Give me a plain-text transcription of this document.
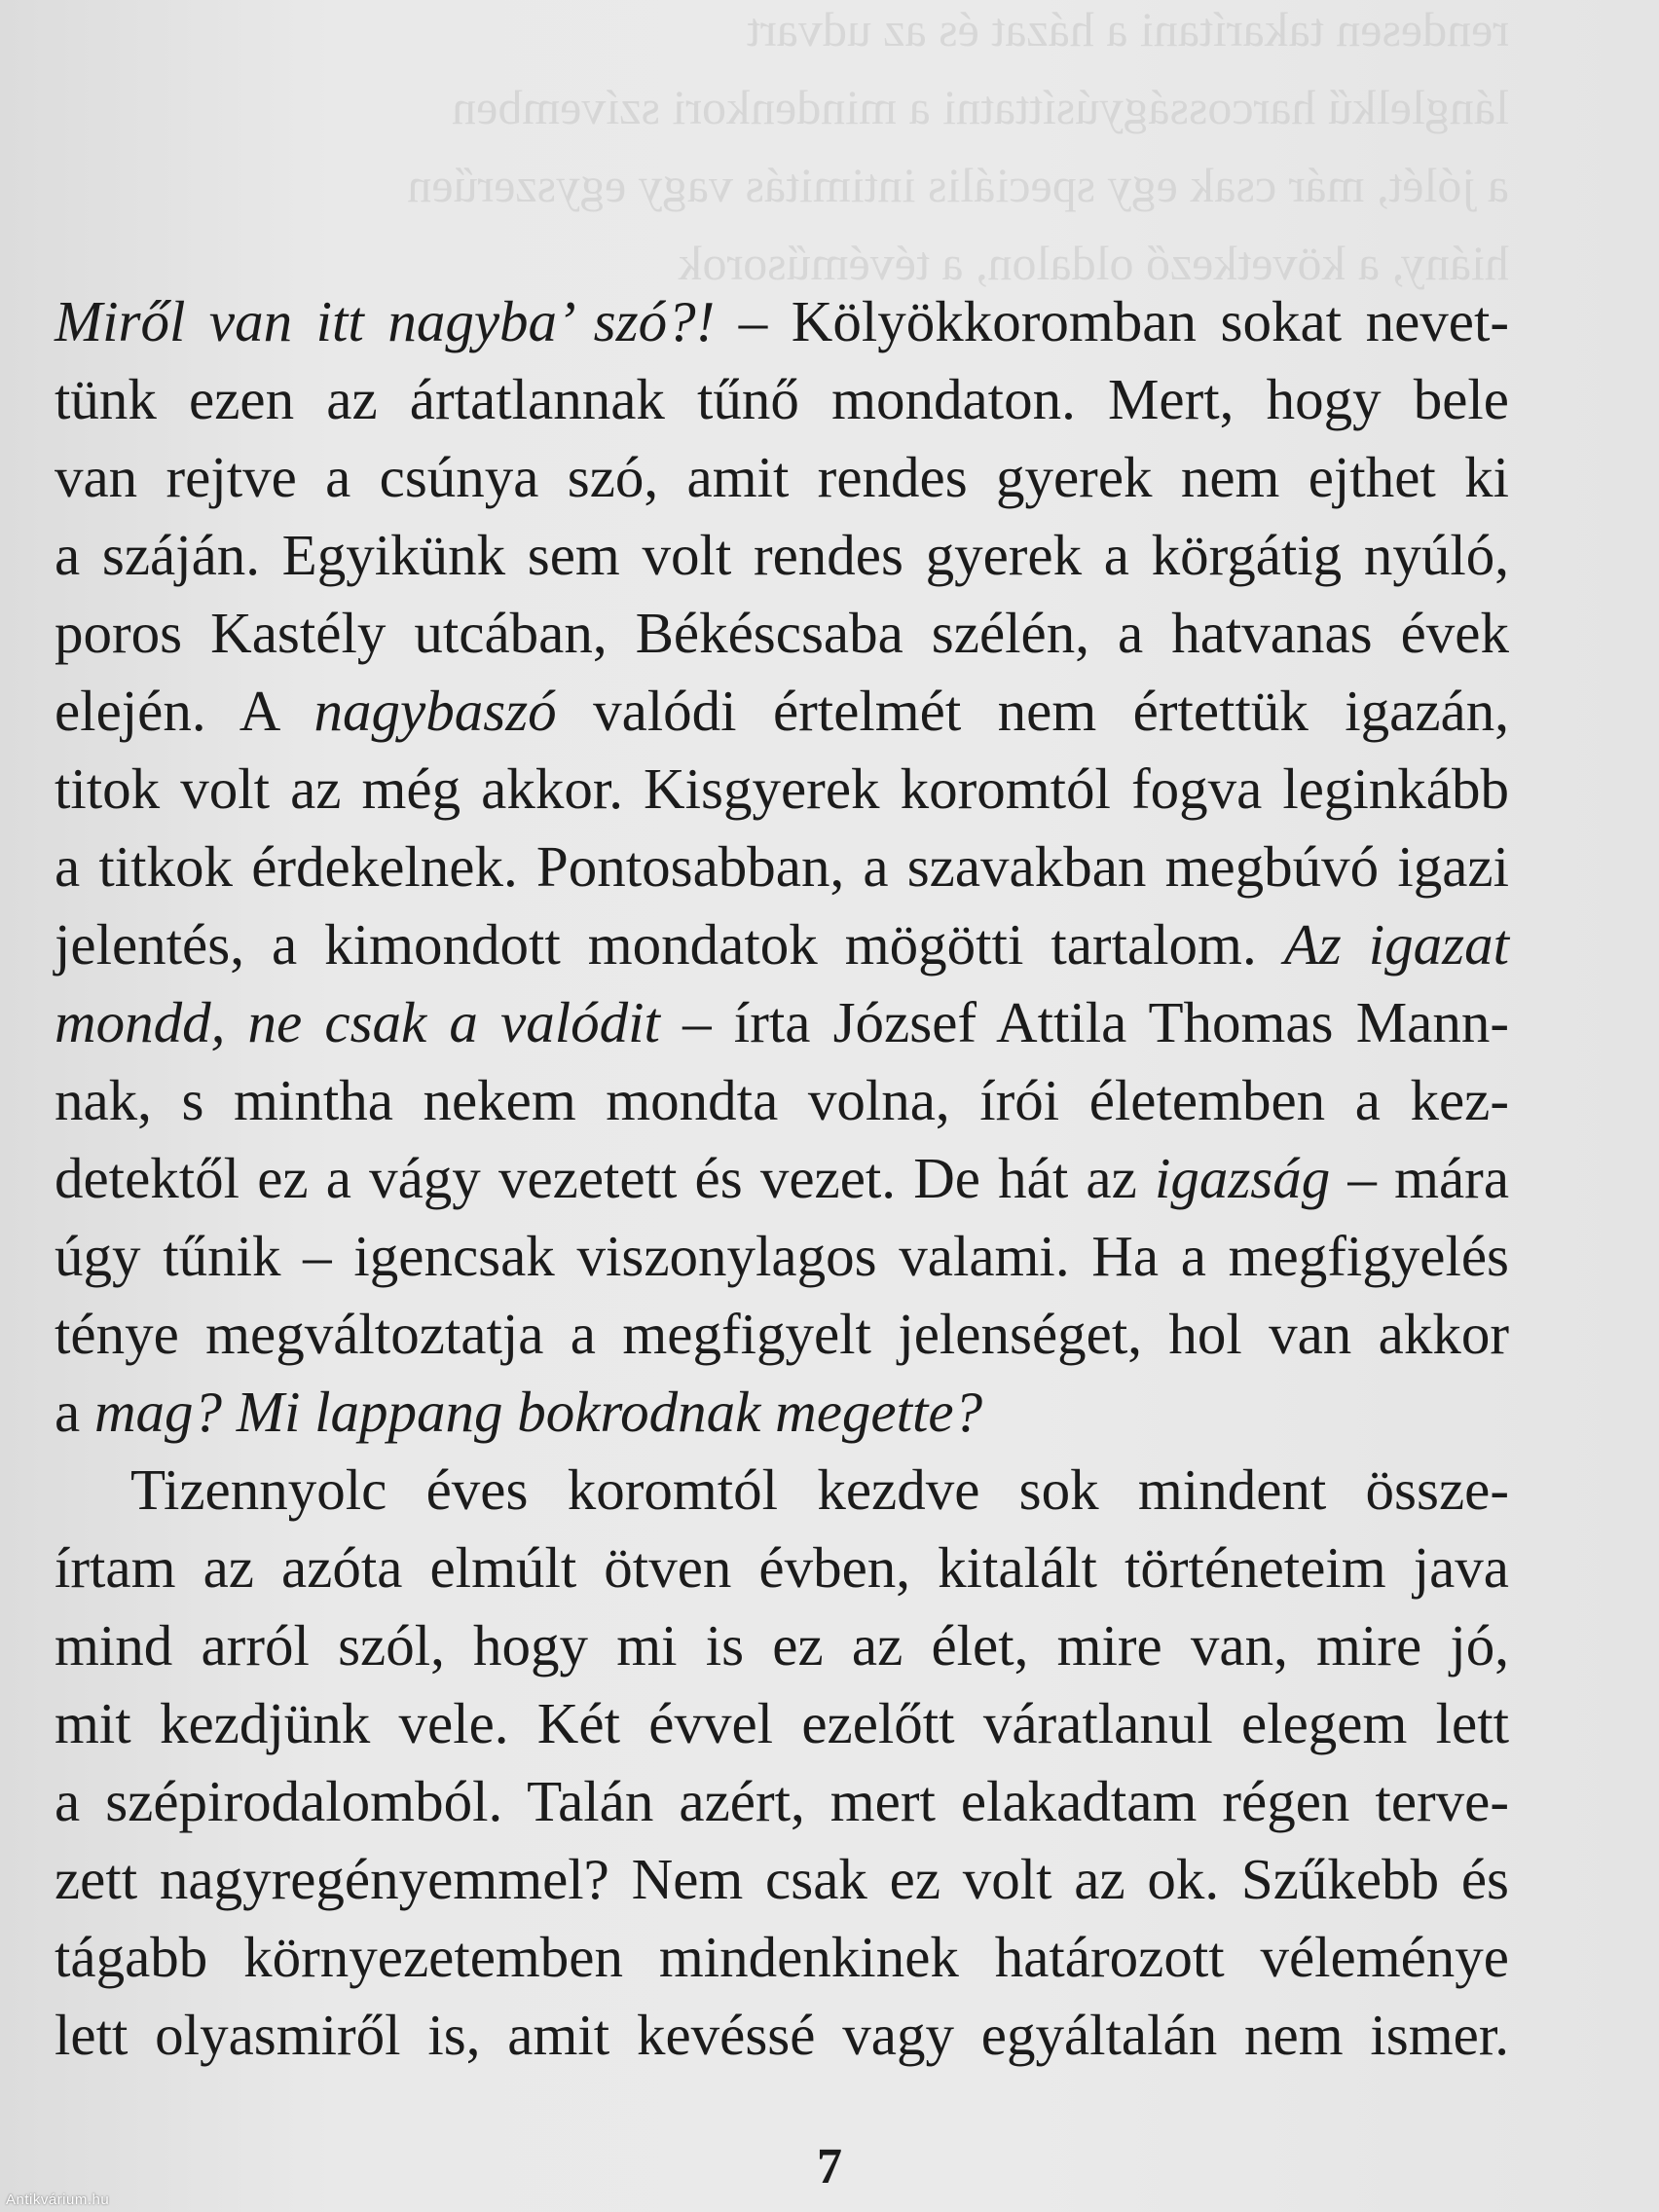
rendesen takarítani a házat és az udvart
lánglelkű harcosságyúsíttatni a mindenkori szívemben
a jólét, már csak egy speciális intimitás vagy egyszerűen
hiány, a következő oldalon, a tévéműsorok

Miről van itt nagyba’ szó?! – Kölyökkoromban sokat nevet-
tünk ezen az ártatlannak tűnő mondaton. Mert, hogy bele
van rejtve a csúnya szó, amit rendes gyerek nem ejthet ki
a száján. Egyikünk sem volt rendes gyerek a körgátig nyúló,
poros Kastély utcában, Békéscsaba szélén, a hatvanas évek
elején. A nagybaszó valódi értelmét nem értettük igazán,
titok volt az még akkor. Kisgyerek koromtól fogva leginkább
a titkok érdekelnek. Pontosabban, a szavakban megbúvó igazi
jelentés, a kimondott mondatok mögötti tartalom. Az igazat
mondd, ne csak a valódit – írta József Attila Thomas Mann-
nak, s mintha nekem mondta volna, írói életemben a kez-
detektől ez a vágy vezetett és vezet. De hát az igazság – mára
úgy tűnik – igencsak viszonylagos valami. Ha a megfigyelés
ténye megváltoztatja a megfigyelt jelenséget, hol van akkor
a mag? Mi lappang bokrodnak megette?

Tizennyolc éves koromtól kezdve sok mindent össze-
írtam az azóta elmúlt ötven évben, kitalált történeteim java
mind arról szól, hogy mi is ez az élet, mire van, mire jó,
mit kezdjünk vele. Két évvel ezelőtt váratlanul elegem lett
a szépirodalomból. Talán azért, mert elakadtam régen terve-
zett nagyregényemmel? Nem csak ez volt az ok. Szűkebb és
tágabb környezetemben mindenkinek határozott véleménye
lett olyasmiről is, amit kevéssé vagy egyáltalán nem ismer.

7
Antikvárium.hu
